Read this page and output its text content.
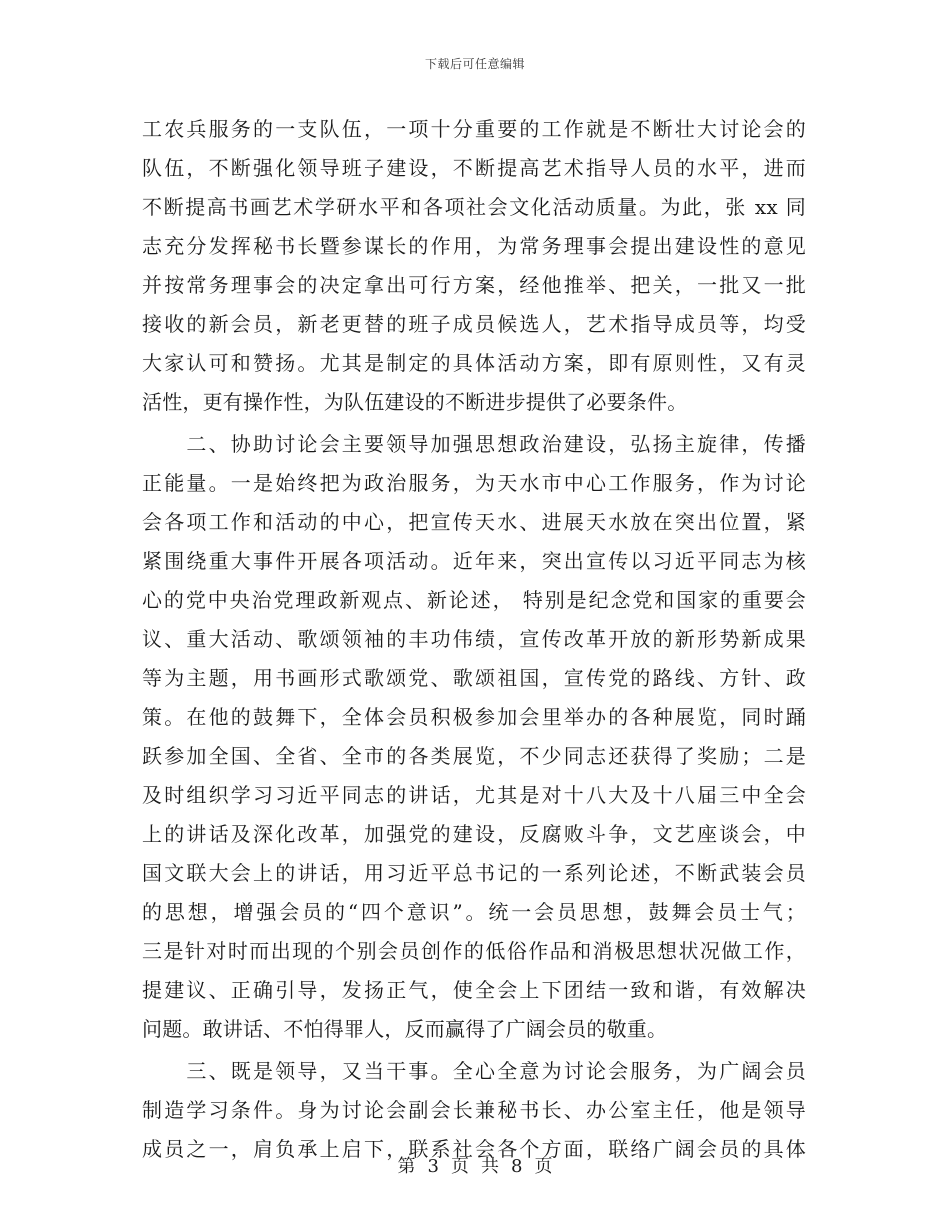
下载后可任意编辑
工农兵服务的一支队伍，一项十分重要的工作就是不断壮大讨论会的
队伍，不断强化领导班子建设，不断提高艺术指导人员的水平，进而
不断提高书画艺术学研水平和各项社会文化活动质量。为此，张 xx 同
志充分发挥秘书长暨参谋长的作用，为常务理事会提出建设性的意见
并按常务理事会的决定拿出可行方案，经他推举、把关，一批又一批
接收的新会员，新老更替的班子成员候选人，艺术指导成员等，均受
大家认可和赞扬。尤其是制定的具体活动方案，即有原则性，又有灵
活性，更有操作性，为队伍建设的不断进步提供了必要条件。
　　二、协助讨论会主要领导加强思想政治建设，弘扬主旋律，传播
正能量。一是始终把为政治服务，为天水市中心工作服务，作为讨论
会各项工作和活动的中心，把宣传天水、进展天水放在突出位置，紧
紧围绕重大事件开展各项活动。近年来，突出宣传以习近平同志为核
心的党中央治党理政新观点、新论述， 特别是纪念党和国家的重要会
议、重大活动、歌颂领袖的丰功伟绩，宣传改革开放的新形势新成果
等为主题，用书画形式歌颂党、歌颂祖国，宣传党的路线、方针、政
策。在他的鼓舞下，全体会员积极参加会里举办的各种展览，同时踊
跃参加全国、全省、全市的各类展览，不少同志还获得了奖励；二是
及时组织学习习近平同志的讲话，尤其是对十八大及十八届三中全会
上的讲话及深化改革，加强党的建设，反腐败斗争，文艺座谈会，中
国文联大会上的讲话，用习近平总书记的一系列论述，不断武装会员
的思想，增强会员的“四个意识”。统一会员思想，鼓舞会员士气；
三是针对时而出现的个别会员创作的低俗作品和消极思想状况做工作，
提建议、正确引导，发扬正气，使全会上下团结一致和谐，有效解决
问题。敢讲话、不怕得罪人，反而赢得了广阔会员的敬重。
　　三、既是领导，又当干事。全心全意为讨论会服务，为广阔会员
制造学习条件。身为讨论会副会长兼秘书长、办公室主任，他是领导
成员之一，肩负承上启下，联系社会各个方面，联络广阔会员的具体
第 3 页 共 8 页
